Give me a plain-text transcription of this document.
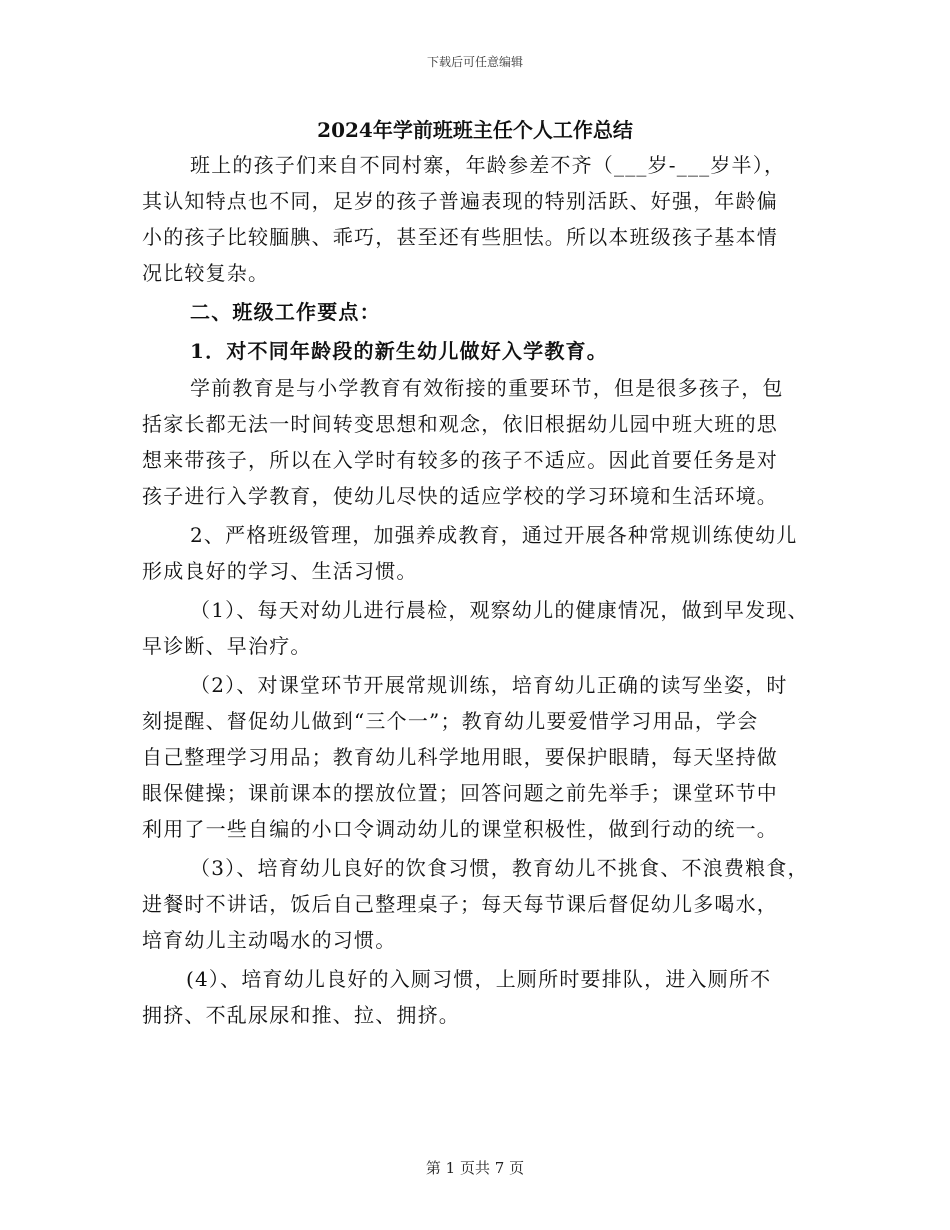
下载后可任意编辑
2024年学前班班主任个人工作总结
班上的孩子们来自不同村寨，年龄参差不齐（___岁-___岁半），
其认知特点也不同，足岁的孩子普遍表现的特别活跃、好强，年龄偏
小的孩子比较腼腆、乖巧，甚至还有些胆怯。所以本班级孩子基本情
况比较复杂。
二、班级工作要点：
1．对不同年龄段的新生幼儿做好入学教育。
学前教育是与小学教育有效衔接的重要环节，但是很多孩子，包
括家长都无法一时间转变思想和观念，依旧根据幼儿园中班大班的思
想来带孩子，所以在入学时有较多的孩子不适应。因此首要任务是对
孩子进行入学教育，使幼儿尽快的适应学校的学习环境和生活环境。
2、严格班级管理，加强养成教育，通过开展各种常规训练使幼儿
形成良好的学习、生活习惯。
（1）、每天对幼儿进行晨检，观察幼儿的健康情况，做到早发现、
早诊断、早治疗。
（2）、对课堂环节开展常规训练，培育幼儿正确的读写坐姿，时
刻提醒、督促幼儿做到“三个一”；教育幼儿要爱惜学习用品，学会
自己整理学习用品；教育幼儿科学地用眼，要保护眼睛，每天坚持做
眼保健操；课前课本的摆放位置；回答问题之前先举手；课堂环节中
利用了一些自编的小口令调动幼儿的课堂积极性，做到行动的统一。
（3）、培育幼儿良好的饮食习惯，教育幼儿不挑食、不浪费粮食，
进餐时不讲话，饭后自己整理桌子；每天每节课后督促幼儿多喝水，
培育幼儿主动喝水的习惯。
(4）、培育幼儿良好的入厕习惯，上厕所时要排队，进入厕所不
拥挤、不乱尿尿和推、拉、拥挤。
第 1 页共 7 页
